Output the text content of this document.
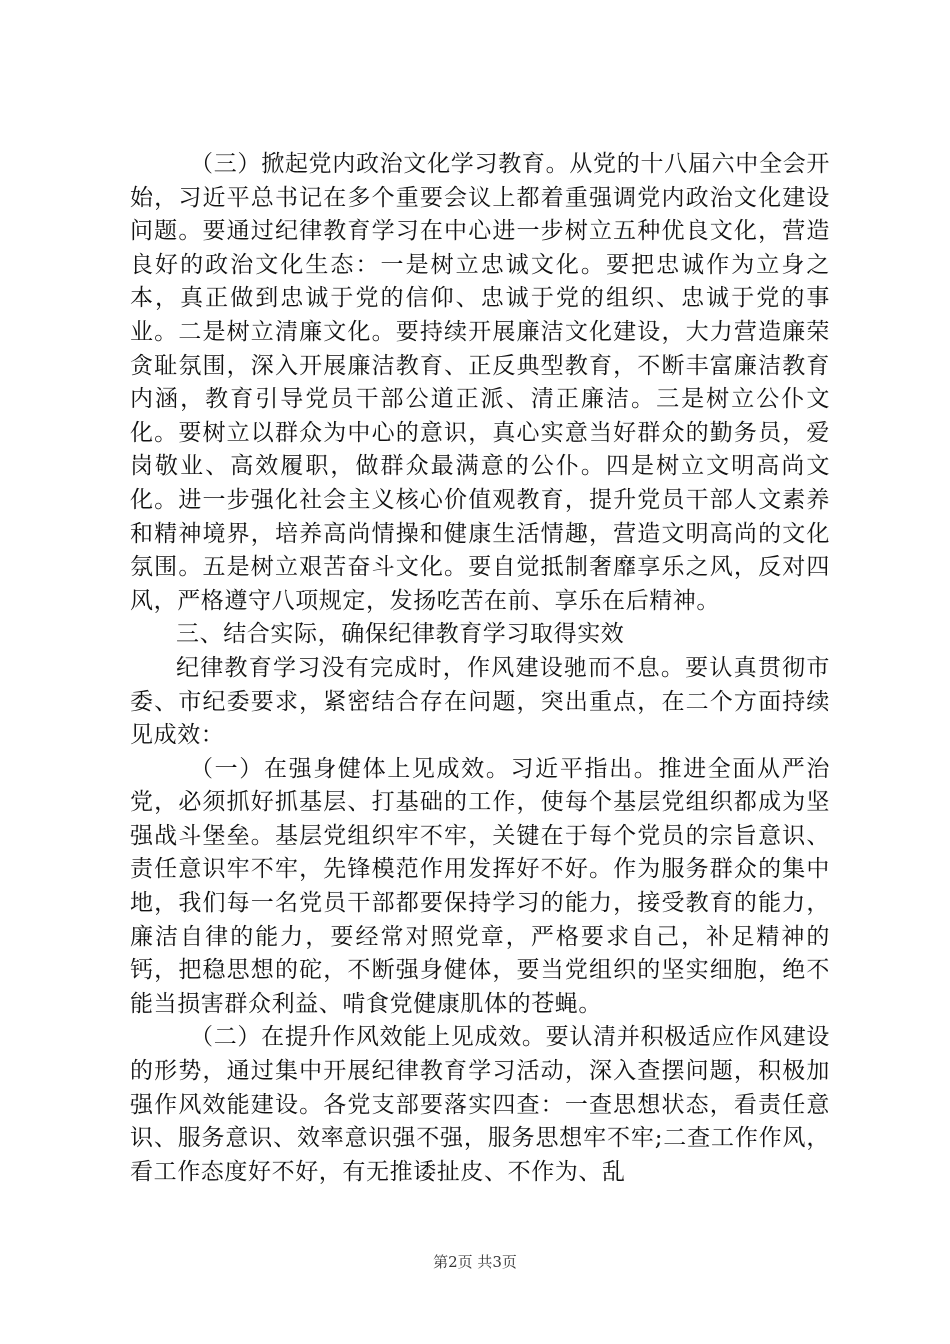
（三）掀起党内政治文化学习教育。从党的十八届六中全会开始，习近平总书记在多个重要会议上都着重强调党内政治文化建设问题。要通过纪律教育学习在中心进一步树立五种优良文化，营造良好的政治文化生态：一是树立忠诚文化。要把忠诚作为立身之本，真正做到忠诚于党的信仰、忠诚于党的组织、忠诚于党的事业。二是树立清廉文化。要持续开展廉洁文化建设，大力营造廉荣贪耻氛围，深入开展廉洁教育、正反典型教育，不断丰富廉洁教育内涵，教育引导党员干部公道正派、清正廉洁。三是树立公仆文化。要树立以群众为中心的意识，真心实意当好群众的勤务员，爱岗敬业、高效履职，做群众最满意的公仆。四是树立文明高尚文化。进一步强化社会主义核心价值观教育，提升党员干部人文素养和精神境界，培养高尚情操和健康生活情趣，营造文明高尚的文化氛围。五是树立艰苦奋斗文化。要自觉抵制奢靡享乐之风，反对四风，严格遵守八项规定，发扬吃苦在前、享乐在后精神。

三、结合实际，确保纪律教育学习取得实效

纪律教育学习没有完成时，作风建设驰而不息。要认真贯彻市委、市纪委要求，紧密结合存在问题，突出重点，在二个方面持续见成效：

（一）在强身健体上见成效。习近平指出。推进全面从严治党，必须抓好抓基层、打基础的工作，使每个基层党组织都成为坚强战斗堡垒。基层党组织牢不牢，关键在于每个党员的宗旨意识、责任意识牢不牢，先锋模范作用发挥好不好。作为服务群众的集中地，我们每一名党员干部都要保持学习的能力，接受教育的能力，廉洁自律的能力，要经常对照党章，严格要求自己，补足精神的钙，把稳思想的砣，不断强身健体，要当党组织的坚实细胞，绝不能当损害群众利益、啃食党健康肌体的苍蝇。

（二）在提升作风效能上见成效。要认清并积极适应作风建设的形势，通过集中开展纪律教育学习活动，深入查摆问题，积极加强作风效能建设。各党支部要落实四查：一查思想状态，看责任意识、服务意识、效率意识强不强，服务思想牢不牢;二查工作作风，看工作态度好不好，有无推诿扯皮、不作为、乱

第2页 共3页
